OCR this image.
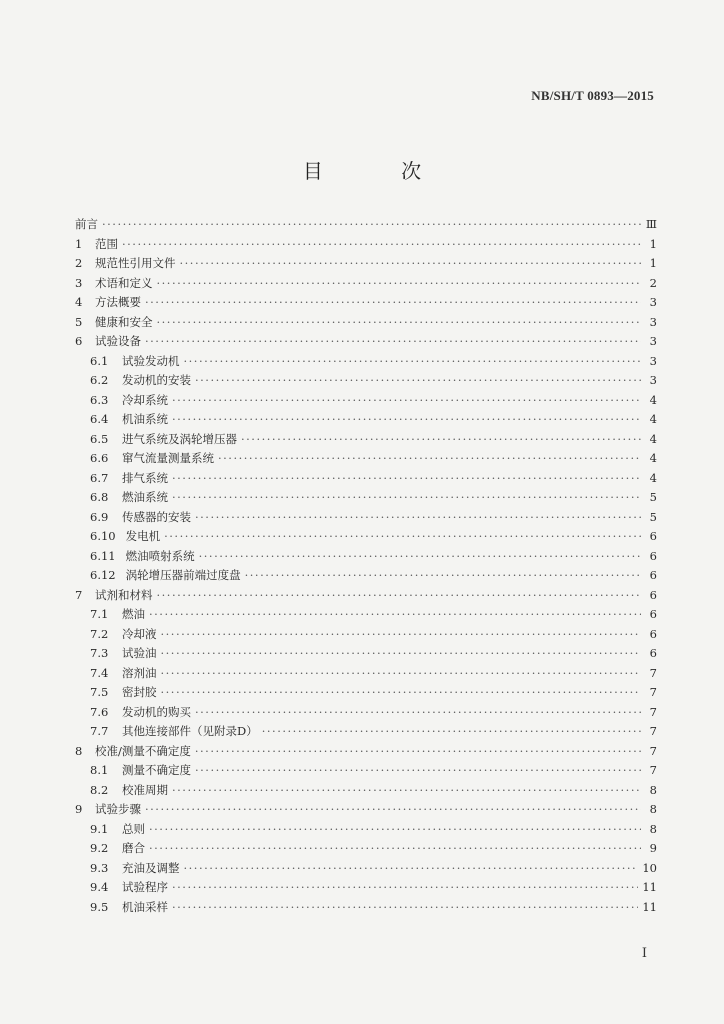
NB/SH/T 0893—2015
目 次
前言 ·····	Ⅲ
1 范围 ·····	1
2 规范性引用文件 ·····	1
3 术语和定义 ·····	2
4 方法概要 ·····	3
5 健康和安全 ·····	3
6 试验设备 ·····	3
6.1	试验发动机 ·····	3
6.2	发动机的安装 ·····	3
6.3	冷却系统 ·····	4
6.4	机油系统 ·····	4
6.5	进气系统及涡轮增压器 ·····	4
6.6	窜气流量测量系统 ·····	4
6.7	排气系统 ·····	4
6.8	燃油系统 ·····	5
6.9	传感器的安装 ·····	5
6.10 发电机 ·····	6
6.11 燃油喷射系统 ·····	6
6.12 涡轮增压器前端过度盘 ·····	6
7 试剂和材料 ·····	6
7.1	燃油 ·····	6
7.2	冷却液 ·····	6
7.3	试验油 ·····	6
7.4	溶剂油 ·····	7
7.5	密封胶 ·····	7
7.6	发动机的购买 ·····	7
7.7	其他连接部件（见附录D） ·····	7
8 校准/测量不确定度 ·····	7
8.1	测量不确定度 ·····	7
8.2	校准周期 ·····	8
9 试验步骤 ·····	8
9.1	总则 ·····	8
9.2	磨合 ·····	9
9.3	充油及调整 ·····	10
9.4	试验程序 ·····	11
9.5	机油采样 ·····	11
I
